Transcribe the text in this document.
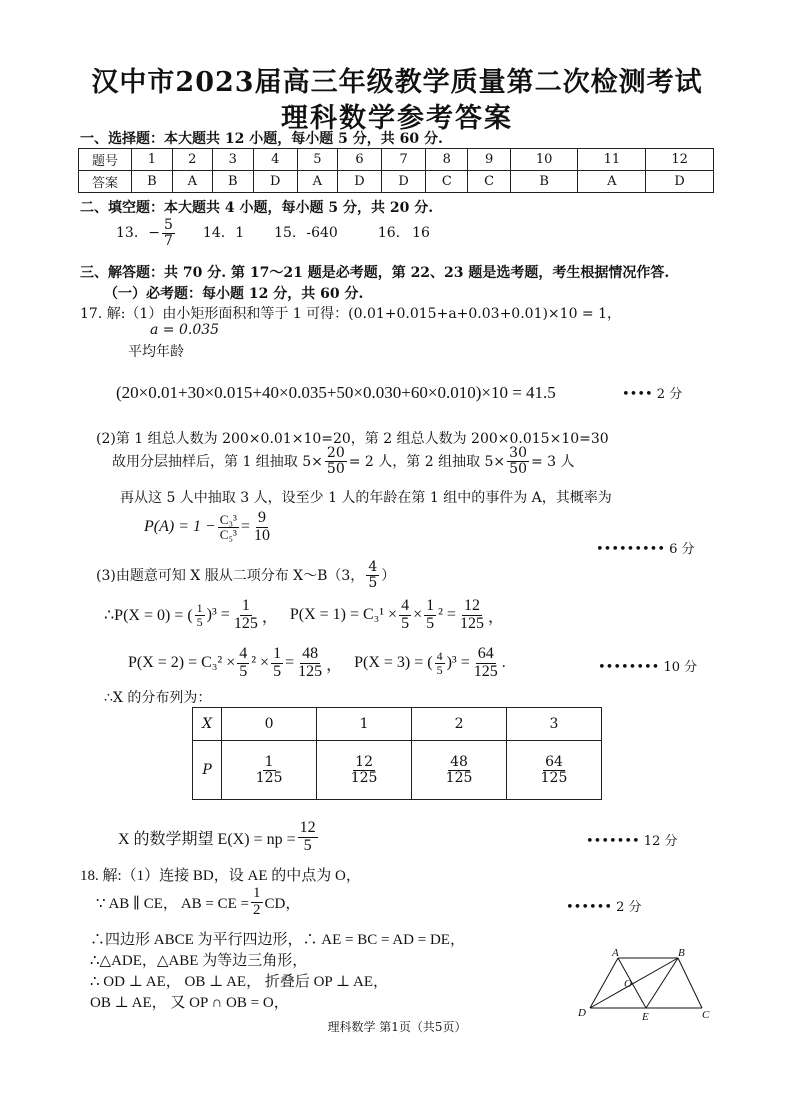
汉中市2023届高三年级教学质量第二次检测考试
理科数学参考答案
一、选择题：本大题共 12 小题，每小题 5 分，共 60 分.
题号	1	2	3	4	5	6	7	8	9	10	11	12
答案	B	A	B	D	A	D	D	C	C	B	A	D
二、填空题：本大题共 4 小题，每小题 5 分，共 20 分.
13. − $\frac{5}{7} 14$. 1 15. -640	16. 16
三、解答题：共 70 分. 第 17～21 题是必考题，第 22、23 题是选考题，考生根据情况作答.
（一）必考题：每小题 12 分，共 60 分.
17. 解:（1）由小矩形面积和等于 1 可得：(0.01+0.015+a+0.03+0.01)×10 = 1，
a = 0.035
平均年龄
(20×0.01+30×0.015+40×0.035+50×0.030+60×0.010)×10 = 41.5	•••• 2 分
(2)第 1 组总人数为 200×0.01×10=20，第 2 组总人数为 200×0.015×10=30
故用分层抽样后，第 1 组抽取 $5\times \frac{20}{50} = 2$ 人，第 2 组抽取 $5\times \frac{30}{50} = 3$ 人
再从这 5 人中抽取 3 人，设至少 1 人的年龄在第 1 组中的事件为 A，其概率为
$P(A) = 1 - \frac{\text{C₃³}}{\text{C₅³}} = \frac{9}{10}$
••••••••• 6 分
(3)由题意可知 X 服从二项分布 X～B（3， $\frac{4}{5}$ ）
∴P(X = 0) = ( $\frac{1}{5} )^3 = \frac{1}{125}$ ， $P(X = 1) = C_3^1 \times \frac{4}{5} \times \frac{1}{5} ^2 = \frac{12}{125}$ ，
$P(X = 2) = C_3^2 \times \frac{4}{5} ^2 \times \frac{1}{5} = \frac{48}{125}$ ， P(X = 3) = ( $\frac{4}{5} )^3 = \frac{64}{125}$ .	•••••••• 10 分
∴X 的分布列为：
X	0	1	2	3
P	$\frac{1}{125}$	$\frac{12}{125}$	$\frac{48}{125}$	$\frac{64}{125}$
X 的数学期望 E(X) = np = $\frac{12}{5}$	••••••• 12 分
18. 解:（1）连接 BD，设 AE 的中点为 O，
∵ AB ∥ CE， AB = CE = $\frac{1}{2}$ CD，	•••••• 2 分
∴四边形 ABCE 为平行四边形，∴ AE = BC = AD = DE，
∴△ADE，△ABE 为等边三角形，
∴ OD ⊥ AE， OB ⊥ AE， 折叠后 OP ⊥ AE，
OB ⊥ AE， 又 OP ∩ OB = O，
A	B
O
D	E	C
理科数学 第1页（共5页）
